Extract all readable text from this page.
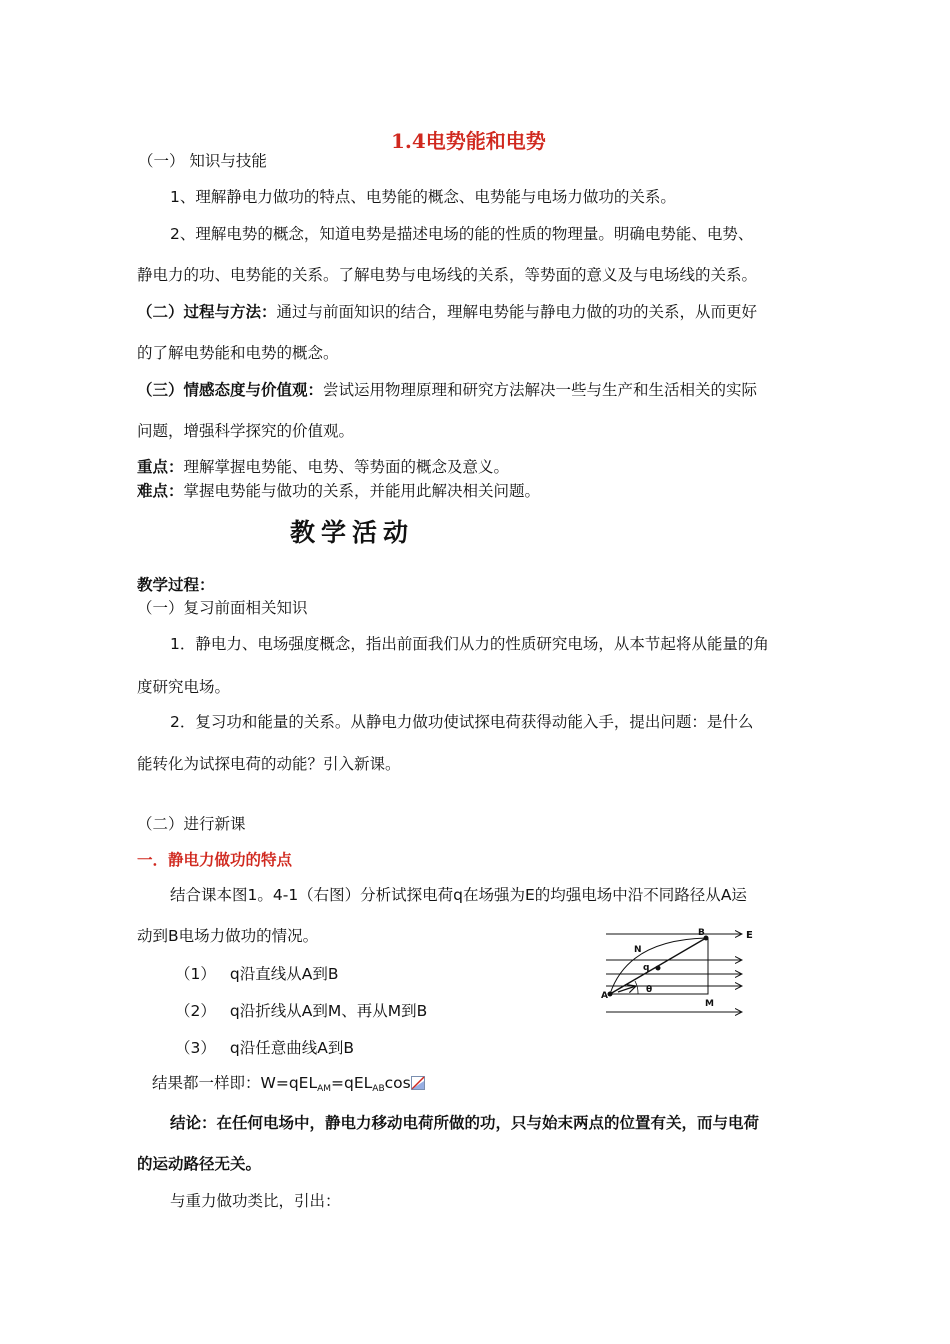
1.4电势能和电势
（一） 知识与技能
1、理解静电力做功的特点、电势能的概念、电势能与电场力做功的关系。
2、理解电势的概念，知道电势是描述电场的能的性质的物理量。明确电势能、电势、
静电力的功、电势能的关系。了解电势与电场线的关系，等势面的意义及与电场线的关系。
（二）过程与方法：通过与前面知识的结合，理解电势能与静电力做的功的关系，从而更好
的了解电势能和电势的概念。
（三）情感态度与价值观：尝试运用物理原理和研究方法解决一些与生产和生活相关的实际
问题，增强科学探究的价值观。
重点：理解掌握电势能、电势、等势面的概念及意义。
难点：掌握电势能与做功的关系，并能用此解决相关问题。
教学活动
教学过程：
（一）复习前面相关知识
1．静电力、电场强度概念，指出前面我们从力的性质研究电场，从本节起将从能量的角
度研究电场。
2．复习功和能量的关系。从静电力做功使试探电荷获得动能入手，提出问题：是什么
能转化为试探电荷的动能？引入新课。
（二）进行新课
一．静电力做功的特点
结合课本图1。4-1（右图）分析试探电荷q在场强为E的均强电场中沿不同路径从A运
动到B电场力做功的情况。
（1） q沿直线从A到B
（2） q沿折线从A到M、再从M到B
（3） q沿任意曲线A到B
结果都一样即：W=qEL$_{AM}$=qEL$_{AB}$cos
结论：在任何电场中，静电力移动电荷所做的功，只与始末两点的位置有关，而与电荷
的运动路径无关。
与重力做功类比，引出：
E
N
B
q
A
θ
M
